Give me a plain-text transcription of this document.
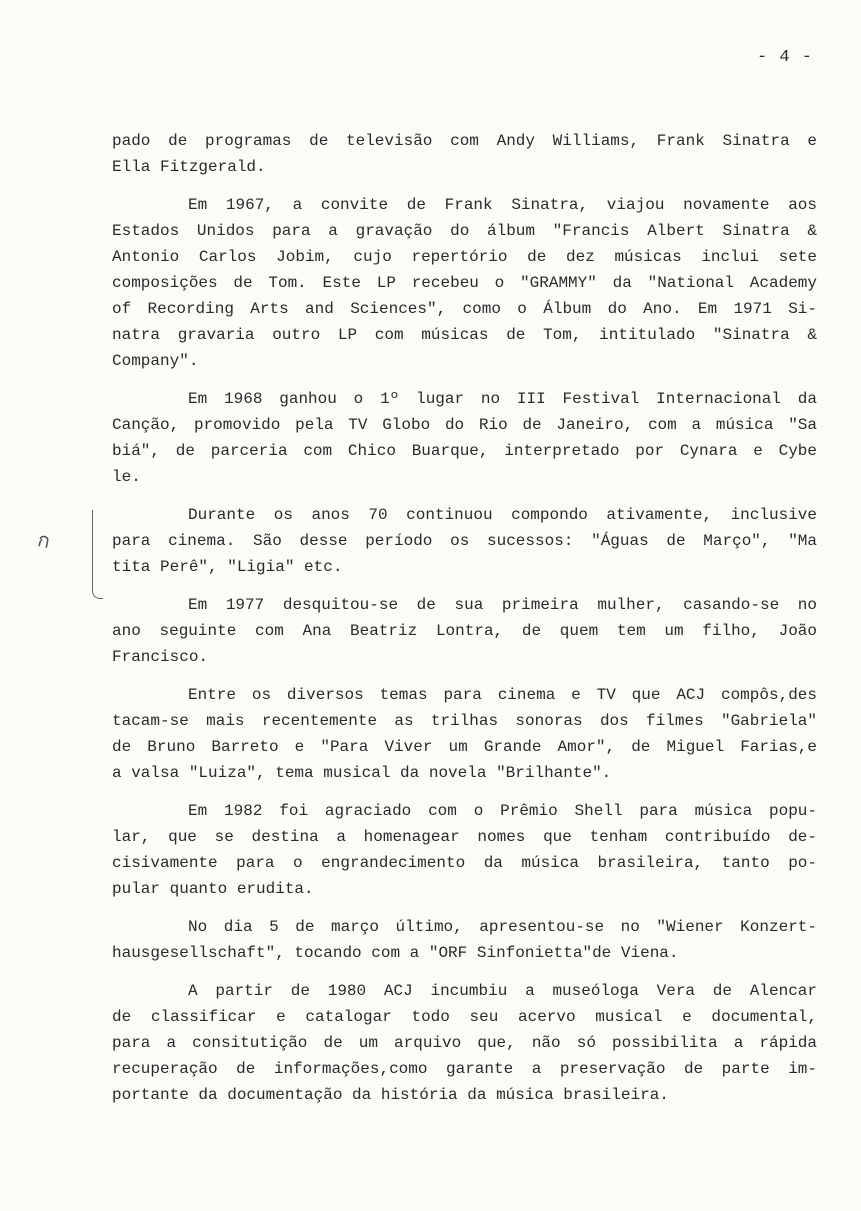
- 4 -
ก

pado de programas de televisão com Andy Williams, Frank Sinatra e
Ella Fitzgerald.

Em 1967, a convite de Frank Sinatra, viajou novamente aos
Estados Unidos para a gravação do álbum "Francis Albert Sinatra &
Antonio Carlos Jobim, cujo repertório de dez músicas inclui sete
composições de Tom. Este LP recebeu o "GRAMMY" da "National Academy
of Recording Arts and Sciences", como o Álbum do Ano. Em 1971 Si-
natra gravaria outro LP com músicas de Tom, intitulado "Sinatra &
Company".

Em 1968 ganhou o 1º lugar no III Festival Internacional da
Canção, promovido pela TV Globo do Rio de Janeiro, com a música "Sa
biá", de parceria com Chico Buarque, interpretado por Cynara e Cybe
le.

Durante os anos 70 continuou compondo ativamente, inclusive
para cinema. São desse período os sucessos: "Águas de Março", "Ma
tita Perê", "Ligia" etc.

Em 1977 desquitou-se de sua primeira mulher, casando-se no
ano seguinte com Ana Beatriz Lontra, de quem tem um filho, João
Francisco.

Entre os diversos temas para cinema e TV que ACJ compôs,des
tacam-se mais recentemente as trilhas sonoras dos filmes "Gabriela"
de Bruno Barreto e "Para Viver um Grande Amor", de Miguel Farias,e
a valsa "Luiza", tema musical da novela "Brilhante".

Em 1982 foi agraciado com o Prêmio Shell para música popu-
lar, que se destina a homenagear nomes que tenham contribuído de-
cisivamente para o engrandecimento da música brasileira, tanto po-
pular quanto erudita.

No dia 5 de março último, apresentou-se no "Wiener Konzert-
hausgesellschaft", tocando com a "ORF Sinfonietta"de Viena.

A partir de 1980 ACJ incumbiu a museóloga Vera de Alencar
de classificar e catalogar todo seu acervo musical e documental,
para a consitutição de um arquivo que, não só possibilita a rápida
recuperação de informações,como garante a preservação de parte im-
portante da documentação da história da música brasileira.
